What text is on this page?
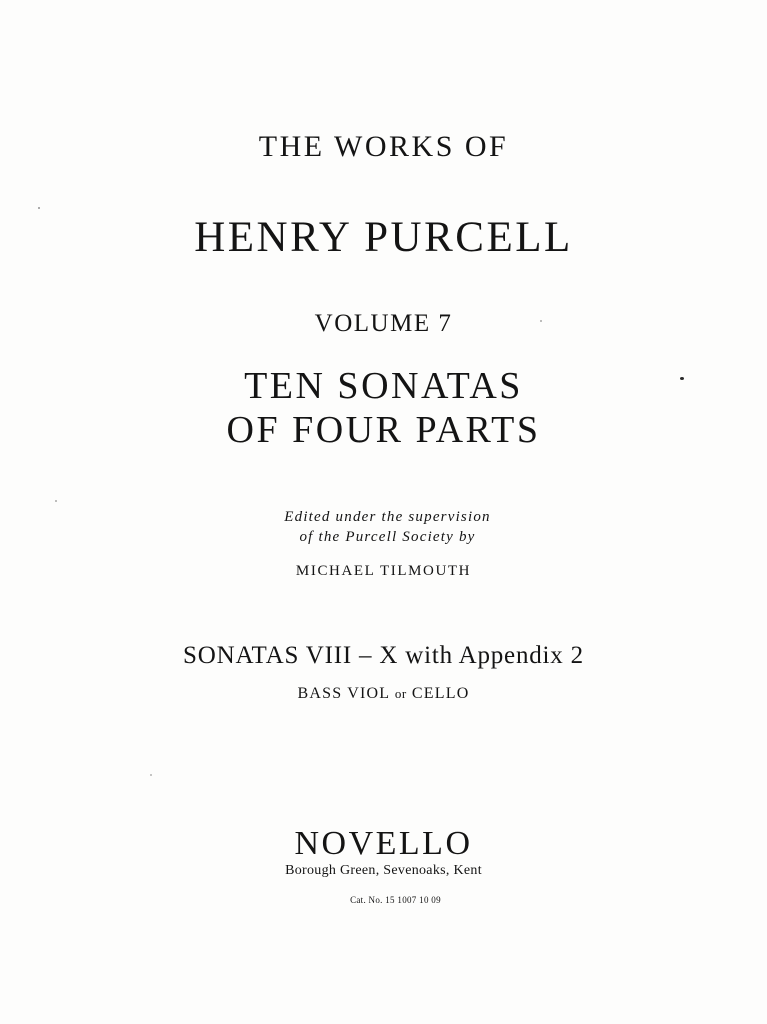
THE WORKS OF
HENRY PURCELL
VOLUME 7
TEN SONATAS
OF FOUR PARTS
Edited under the supervision
of the Purcell Society by
MICHAEL TILMOUTH
SONATAS VIII – X with Appendix 2
BASS VIOL or CELLO
NOVELLO
Borough Green, Sevenoaks, Kent
Cat. No. 15 1007 10 09
